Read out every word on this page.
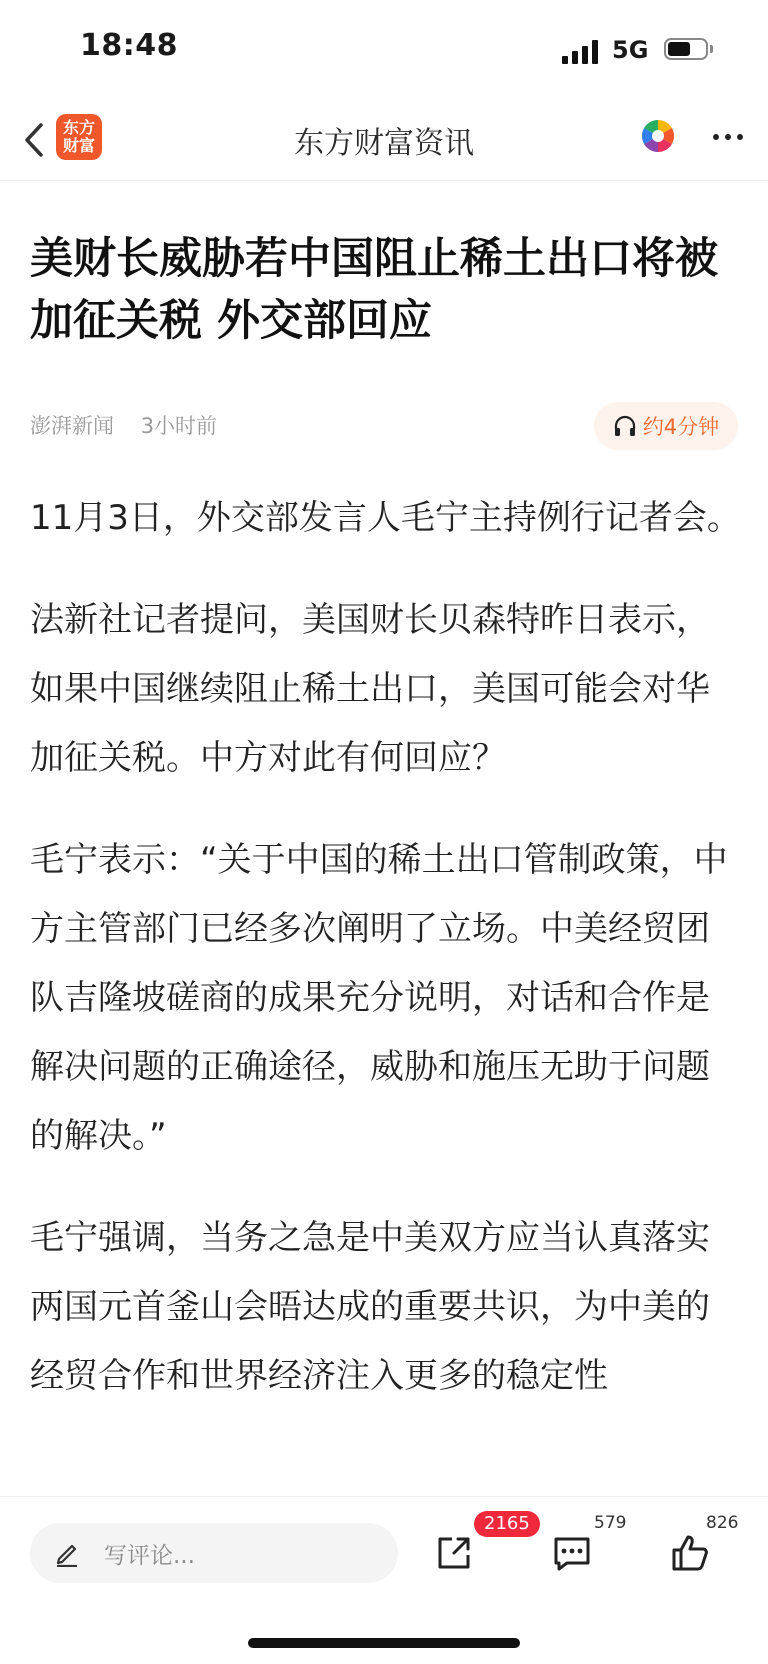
18:48	5G
东方
财富	东方财富资讯
美财长威胁若中国阻止稀土出口将被加征关税 外交部回应
澎湃新闻 3小时前	约4分钟

11月3日，外交部发言人毛宁主持例行记者会。

法新社记者提问，美国财长贝森特昨日表示，如果中国继续阻止稀土出口，美国可能会对华加征关税。中方对此有何回应？

毛宁表示：“关于中国的稀土出口管制政策，中方主管部门已经多次阐明了立场。中美经贸团队吉隆坡磋商的成果充分说明，对话和合作是解决问题的正确途径，威胁和施压无助于问题的解决。”

毛宁强调，当务之急是中美双方应当认真落实两国元首釜山会晤达成的重要共识，为中美的经贸合作和世界经济注入更多的稳定性

写评论...
2165	579	826
